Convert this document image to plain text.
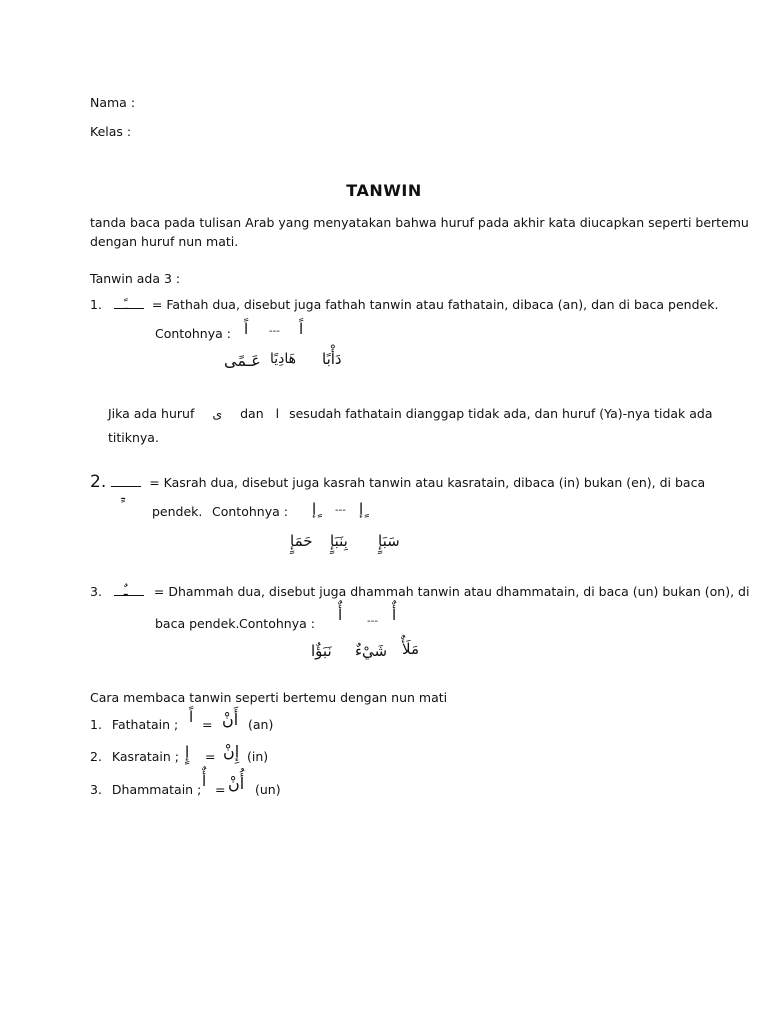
Nama :
Kelas :
TANWIN
tanda baca pada tulisan Arab yang menyatakan bahwa huruf pada akhir kata diucapkan seperti bertemu
dengan huruf nun mati.
Tanwin ada 3 :
1. ـً = Fathah dua, disebut juga fathah tanwin atau fathatain, dibaca (an), dan di baca pendek.
Contohnya : اً --- اً
عَـمًى هَادِيًا دَأْبًا
Jika ada huruf ى dan ا sesudah fathatain dianggap tidak ada, dan huruf (Ya)-nya tidak ada
titiknya.
2.
ـٍ
= Kasrah dua, disebut juga kasrah tanwin atau kasratain, dibaca (in) bukan (en), di baca
pendek. Contohnya : ٍإ --- ٍإ
حَمَإٍ بِنَبَإٍ سَبَإٍ
3. ـٌ = Dhammah dua, disebut juga dhammah tanwin atau dhammatain, di baca (un) bukan (on), di
baca pendek. Contohnya : أٌ --- أٌ
نَبَؤٌا شَيْءٌ مَلَأٌ
Cara membaca tanwin seperti bertemu dengan nun mati
1. Fathatain ; اً = أَنْ (an)
2. Kasratain ; إٍ = إِنْ (in)
3. Dhammatain ; أٌ = أُنْ (un)
